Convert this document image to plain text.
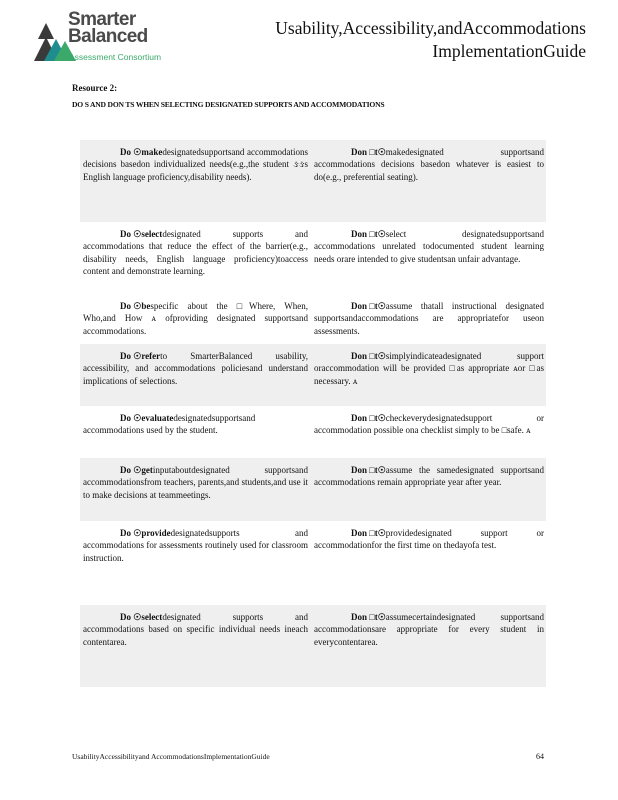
Smarter
Balanced
Assessment Consortium
Usability,Accessibility,andAccommodations
ImplementationGuide
Resource 2:
DO S AND DON TS WHEN SELECTING DESIGNATED SUPPORTS AND ACCOMMODATIONS
Do ☉makedesignatedsupportsand accommodations decisions basedon individualized needs(e.g.,the student ઙઙs English language proficiency,disability needs).
Don □t☉makedesignated supportsand accommodations decisions basedon whatever is easiest to do(e.g., preferential seating).
Do ☉selectdesignated supports and accommodations that reduce the effect of the barrier(e.g., disability needs, English language proficiency)toaccess content and demonstrate learning.
Don □t☉select designatedsupportsand accommodations unrelated todocumented student learning needs orare intended to give studentsan unfair advantage.
Do ☉bespecific about the □Where, When, Who,and How ᴀ ofproviding designated supportsand accommodations.
Don □t☉assume thatall instructional designated supportsandaccommodations are appropriatefor useon assessments.
Do ☉referto SmarterBalanced usability, accessibility, and accommodations policiesand understand implications of selections.
Don □t☉simplyindicateadesignated support oraccommodation will be provided □as appropriate ᴀor □as necessary. ᴀ
Do ☉evaluatedesignatedsupportsand accommodations used by the student.
Don □t☉checkeverydesignatedsupport or accommodation possible ona checklist simply to be □safe. ᴀ
Do ☉getinputaboutdesignated supportsand accommodationsfrom teachers, parents,and students,and use it to make decisions at teammeetings.
Don □t☉assume the samedesignated supportsand accommodations remain appropriate year after year.
Do ☉providedesignatedsupports and accommodations for assessments routinely used for classroom instruction.
Don □t☉providedesignated support or accommodationfor the first time on thedayofa test.
Do ☉selectdesignated supports and accommodations based on specific individual needs ineach contentarea.
Don □t☉assumecertaindesignated supportsand accommodationsare appropriate for every student in everycontentarea.
UsabilityAccessibilityand AccommodationsImplementationGuide	64
